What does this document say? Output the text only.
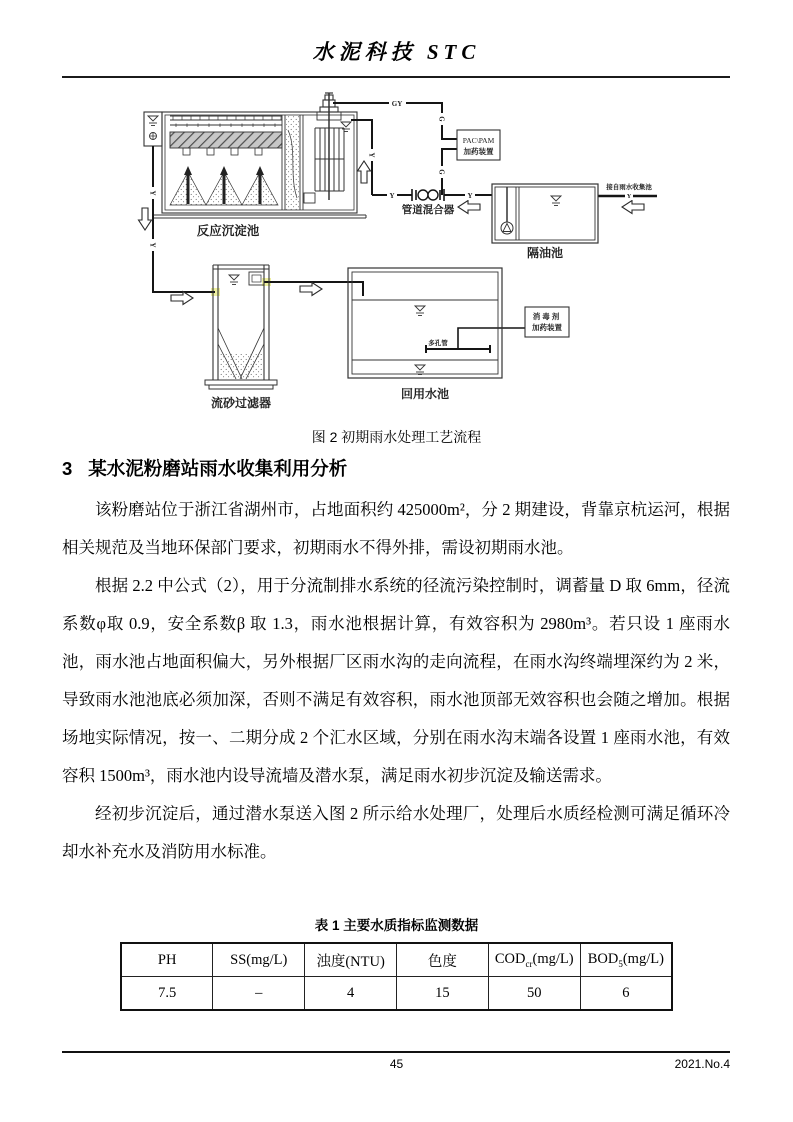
水泥科技 STC
PAC\PAM
加药装置
消毒剂
加药装置
GY
G
G
Y
Y
Y
Y	Y	Y
反应沉淀池
管道混合器
隔油池
流砂过滤器
回用水池
多孔管
接自雨水收集池
图 2 初期雨水处理工艺流程
3 某水泥粉磨站雨水收集利用分析

该粉磨站位于浙江省湖州市，占地面积约 425000m²，分 2 期建设，背靠京杭运河，根据相关规范及当地环保部门要求，初期雨水不得外排，需设初期雨水池。

根据 2.2 中公式（2），用于分流制排水系统的径流污染控制时，调蓄量 D 取 6mm，径流系数φ取 0.9，安全系数β 取 1.3，雨水池根据计算，有效容积为 2980m³。若只设 1 座雨水池，雨水池占地面积偏大，另外根据厂区雨水沟的走向流程，在雨水沟终端埋深约为 2 米，导致雨水池池底必须加深，否则不满足有效容积，雨水池顶部无效容积也会随之增加。根据场地实际情况，按一、二期分成 2 个汇水区域，分别在雨水沟末端各设置 1 座雨水池，有效容积 1500m³，雨水池内设导流墙及潜水泵，满足雨水初步沉淀及输送需求。

经初步沉淀后，通过潜水泵送入图 2 所示给水处理厂，处理后水质经检测可满足循环冷却水补充水及消防用水标准。

表 1 主要水质指标监测数据
PH	SS(mg/L)	浊度(NTU)	色度	$COD_{cr}(mg/L)$	$BOD_5(mg/L)$
7.5	–	4	15	50	6
45	2021.No.4
